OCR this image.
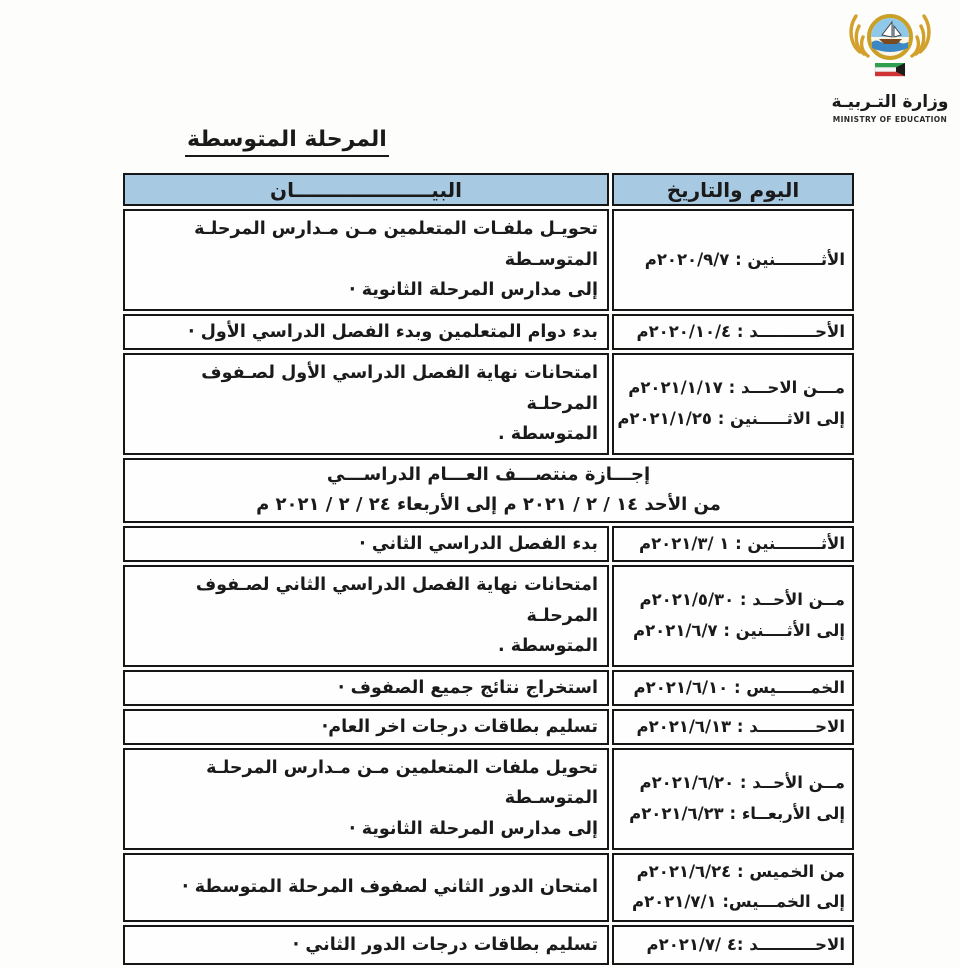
وزارة التـربيـة
MINISTRY OF EDUCATION
المرحلة المتوسطة
اليوم والتاريخ	البيــــــــــــــــــــان
الأثــــــــنين : ٢٠٢٠/٩/٧م	تحويـل ملفـات المتعلمين مـن مـدارس المرحلـة المتوسـطة
إلى مدارس المرحلة الثانوية ·

الأحــــــــــد : ٢٠٢٠/١٠/٤م	بدء دوام المتعلمين وبدء الفصل الدراسي الأول ·

مـــن الاحـــد : ٢٠٢١/١/١٧م
إلى الاثـــــنين : ٢٠٢١/١/٢٥م	امتحانات نهاية الفصل الدراسي الأول لصـفوف المرحلـة
المتوسطة .

إجـــازة منتصـــف العـــام الدراســـي
من الأحد ١٤ / ٢ / ٢٠٢١ م إلى الأربعاء ٢٤ / ٢ / ٢٠٢١ م	

الأثــــــــنين : ١ /٢٠٢١/٣م	بدء الفصل الدراسي الثاني ·

مــن الأحــد : ٢٠٢١/٥/٣٠م
إلى الأثــــنين : ٢٠٢١/٦/٧م	امتحانات نهاية الفصل الدراسي الثاني لصـفوف المرحلـة
المتوسطة .

الخمــــــيس : ٢٠٢١/٦/١٠م	استخراج نتائج جميع الصفوف ·
الاحــــــــــد : ٢٠٢١/٦/١٣م	تسليم بطاقات درجات اخر العام·

مــن الأحــد : ٢٠٢١/٦/٢٠م
إلى الأربعــاء : ٢٠٢١/٦/٢٣م	تحويل ملفات المتعلمين مـن مـدارس المرحلـة المتوسـطة
إلى مدارس المرحلة الثانوية ·

من الخميس : ٢٠٢١/٦/٢٤م
إلى الخمـــيس: ٢٠٢١/٧/١م	امتحان الدور الثاني لصفوف المرحلة المتوسطة ·
الاحــــــــــد :٤ /٢٠٢١/٧م	تسليم بطاقات درجات الدور الثاني ·
